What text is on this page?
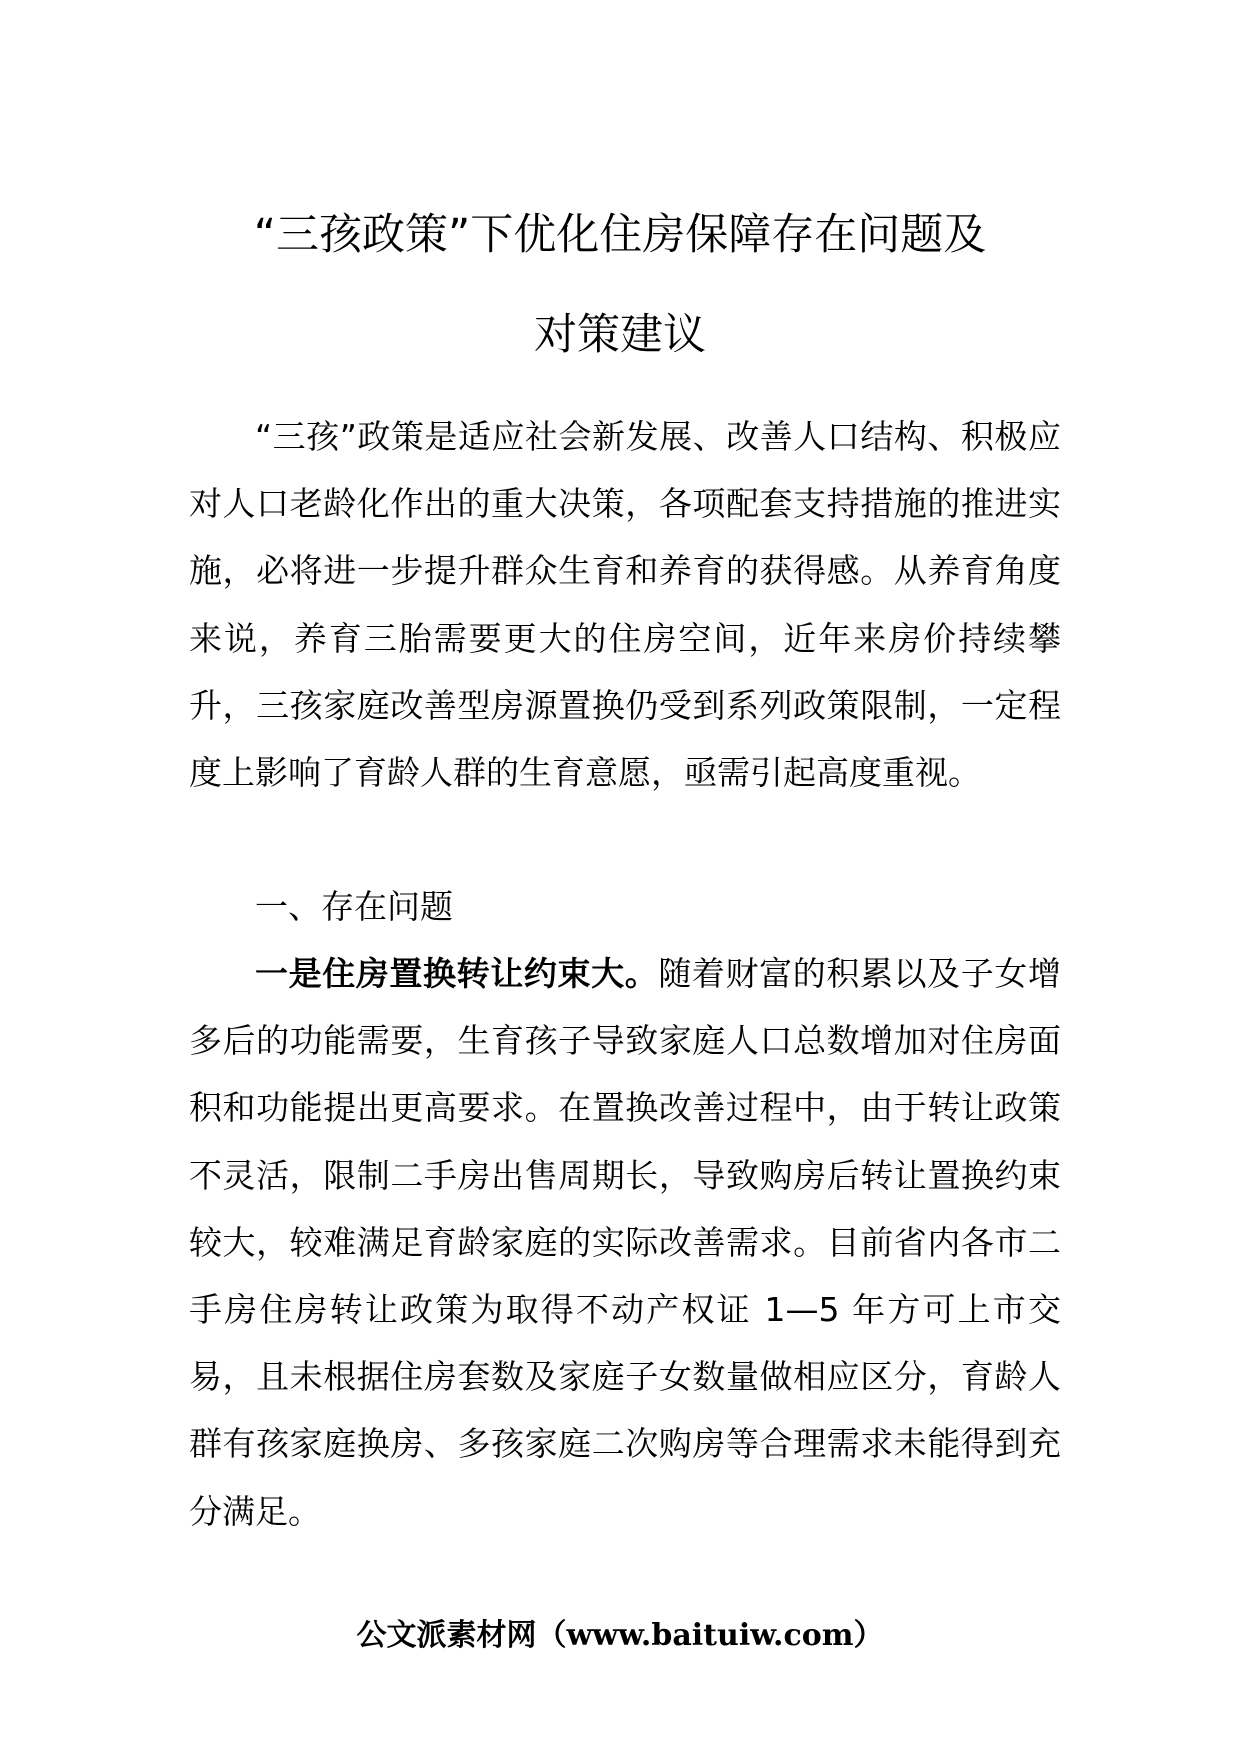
“三孩政策”下优化住房保障存在问题及
对策建议

“三孩”政策是适应社会新发展、改善人口结构、积极应对人口老龄化作出的重大决策，各项配套支持措施的推进实施，必将进一步提升群众生育和养育的获得感。从养育角度来说，养育三胎需要更大的住房空间，近年来房价持续攀升，三孩家庭改善型房源置换仍受到系列政策限制，一定程度上影响了育龄人群的生育意愿，亟需引起高度重视。

一、存在问题

一是住房置换转让约束大。随着财富的积累以及子女增多后的功能需要，生育孩子导致家庭人口总数增加对住房面积和功能提出更高要求。在置换改善过程中，由于转让政策不灵活，限制二手房出售周期长，导致购房后转让置换约束较大，较难满足育龄家庭的实际改善需求。目前省内各市二手房住房转让政策为取得不动产权证 1—5 年方可上市交易，且未根据住房套数及家庭子女数量做相应区分，育龄人群有孩家庭换房、多孩家庭二次购房等合理需求未能得到充分满足。

公文派素材网（www.baituiw.com）
